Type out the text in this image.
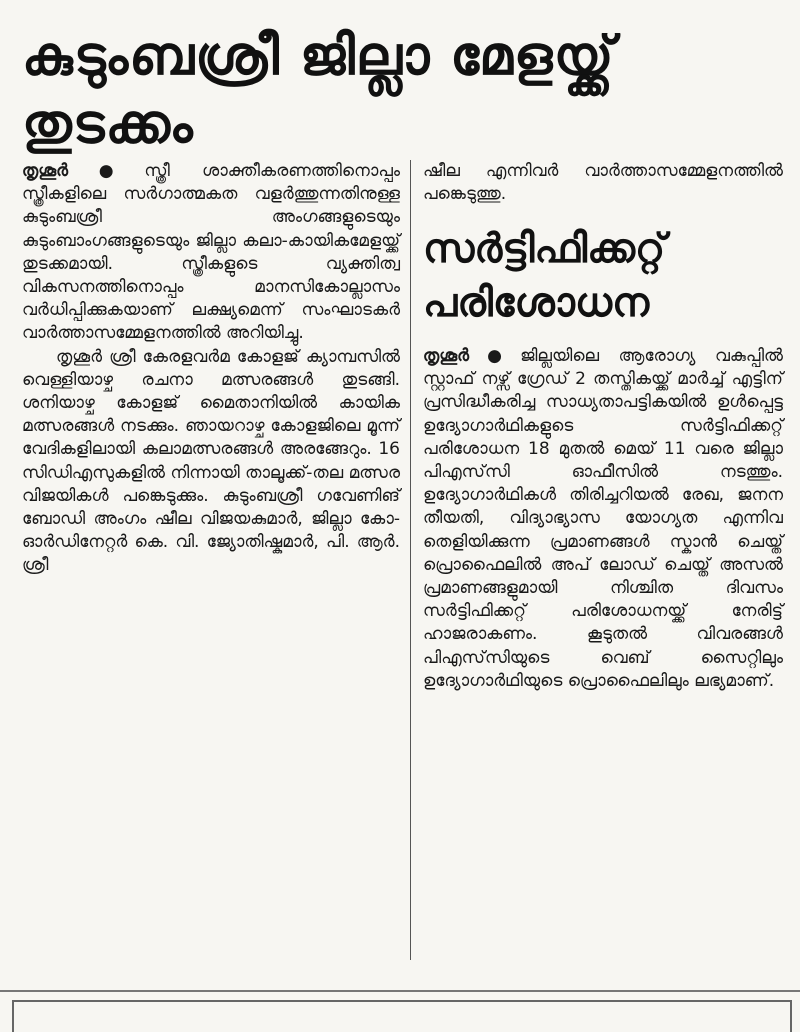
കുടുംബശ്രീ ജില്ലാ മേളയ്ക്ക് തുടക്കം

തൃശൂർ ● സ്ത്രീ ശാക്തീകരണത്തിനൊപ്പം സ്ത്രീകളിലെ സർഗാത്മകത വളർത്തുന്നതിനുള്ള കുടുംബശ്രീ അംഗങ്ങളുടെയും കുടുംബാംഗങ്ങളുടെയും ജില്ലാ കലാ-കായികമേളയ്ക്ക് തുടക്കമായി. സ്ത്രീകളുടെ വ്യക്തിത്വ വികസനത്തിനൊപ്പം മാനസികോല്ലാസം വർധിപ്പിക്കുകയാണ് ലക്ഷ്യമെന്ന് സംഘാടകർ വാർത്താസമ്മേളനത്തിൽ അറിയിച്ചു.

തൃശൂർ ശ്രീ കേരളവർമ കോളജ് ക്യാമ്പസിൽ വെള്ളിയാഴ്ച രചനാ മത്സരങ്ങൾ തുടങ്ങി. ശനിയാഴ്ച കോളജ് മൈതാനിയിൽ കായിക മത്സരങ്ങൾ നടക്കും. ഞായറാഴ്ച കോളജിലെ മൂന്ന് വേദികളിലായി കലാമത്സരങ്ങൾ അരങ്ങേറും. 16 സിഡിഎസുകളിൽ നിന്നായി താലൂക്ക്-തല മത്സര വിജയികൾ പങ്കെടുക്കും. കുടുംബശ്രീ ഗവേണിങ് ബോഡി അംഗം ഷീല വിജയകുമാർ, ജില്ലാ കോ- ഓർഡിനേറ്റർ കെ. വി. ജ്യോതിഷ്കുമാർ, പി. ആർ. ശ്രീ

ഷീല എന്നിവർ വാർത്താസമ്മേളനത്തിൽ പങ്കെടുത്തു.

സർട്ടിഫിക്കറ്റ് പരിശോധന

തൃശൂർ ● ജില്ലയിലെ ആരോഗ്യ വകുപ്പിൽ സ്റ്റാഫ് നഴ്സ് ഗ്രേഡ് 2 തസ്തികയ്ക്ക് മാർച്ച് എട്ടിന് പ്രസിദ്ധീകരിച്ച സാധ്യതാപട്ടികയിൽ ഉൾപ്പെട്ട ഉദ്യോഗാർഥികളുടെ സർട്ടിഫിക്കറ്റ് പരിശോധന 18 മുതൽ മെയ് 11 വരെ ജില്ലാ പിഎസ്‌സി ഓഫീസിൽ നടത്തും. ഉദ്യോഗാർഥികൾ തിരിച്ചറിയൽ രേഖ, ജനന തീയതി, വിദ്യാഭ്യാസ യോഗ്യത എന്നിവ തെളിയിക്കുന്ന പ്രമാണങ്ങൾ സ്കാൻ ചെയ്ത് പ്രൊഫൈലിൽ അപ് ലോഡ് ചെയ്ത് അസൽ പ്രമാണങ്ങളുമായി നിശ്ചിത ദിവസം സർട്ടിഫിക്കറ്റ് പരിശോധനയ്ക്ക് നേരിട്ട് ഹാജരാകണം. കൂടുതൽ വിവരങ്ങൾ പിഎസ്‌സിയുടെ വെബ് സൈറ്റിലും ഉദ്യോഗാർഥിയുടെ പ്രൊഫൈലിലും ലഭ്യമാണ്.
